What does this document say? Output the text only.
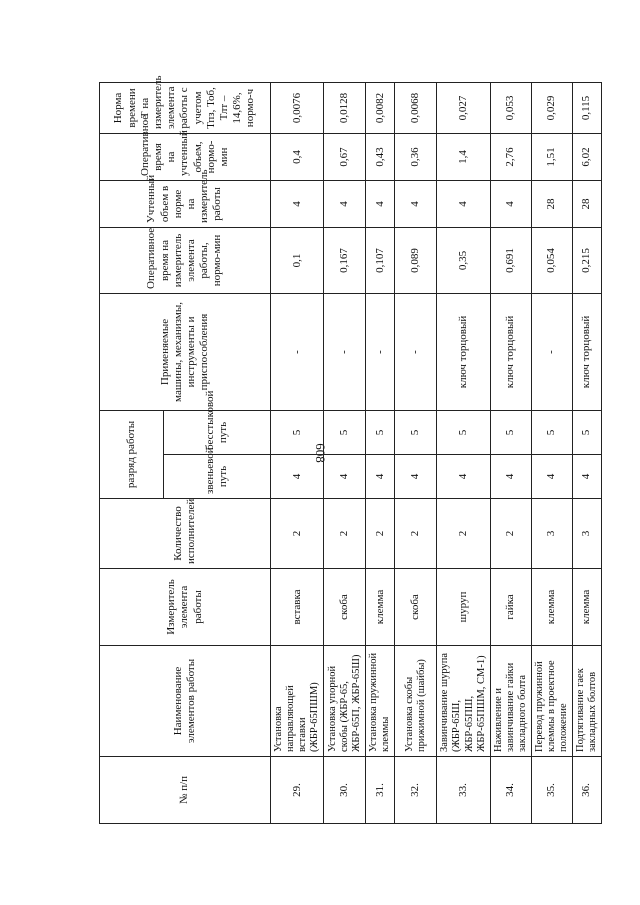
608
№ п/п	Наименование элементов работы	Измеритель элемента работы	Количество исполнителей	разряд работы		Применяемые машины, механизмы, инструменты и приспособления	Оперативное время на измеритель элемента работы, нормо-мин	Учтенный объем в норме на измеритель работы	Оперативное время на учтенный объем, нормо-мин	Норма времени Т на измеритель элемента работы с учетом Тпз, Тоб, Тлт – 14,6%, нормо-ч
				звеньевой путь	бесстыковой путь					
29.	Установка направляющей вставки (ЖБР-65ПШМ)	вставка	2	4	5	-	0,1	4	0,4	0,0076
30.	Установка упорной скобы (ЖБР-65, ЖБР-65П, ЖБР-65Ш)	скоба	2	4	5	-	0,167	4	0,67	0,0128
31.	Установка пружинной клеммы	клемма	2	4	5	-	0,107	4	0,43	0,0082
32.	Установка скобы прижимной (шайбы)	скоба	2	4	5	-	0,089	4	0,36	0,0068
33.	Завинчивание шурупа (ЖБР-65Ш, ЖБР-65ПШ, ЖБР-65ПШМ, СМ-1)	шуруп	2	4	5	ключ торцовый	0,35	4	1,4	0,027
34.	Наживление и завинчивание гайки закладного болта	гайка	2	4	5	ключ торцовый	0,691	4	2,76	0,053
35.	Перевод пружинной клеммы в проектное положение	клемма	3	4	5	-	0,054	28	1,51	0,029
36.	Подтягивание гаек закладных болтов	клемма	3	4	5	ключ торцовый	0,215	28	6,02	0,115
